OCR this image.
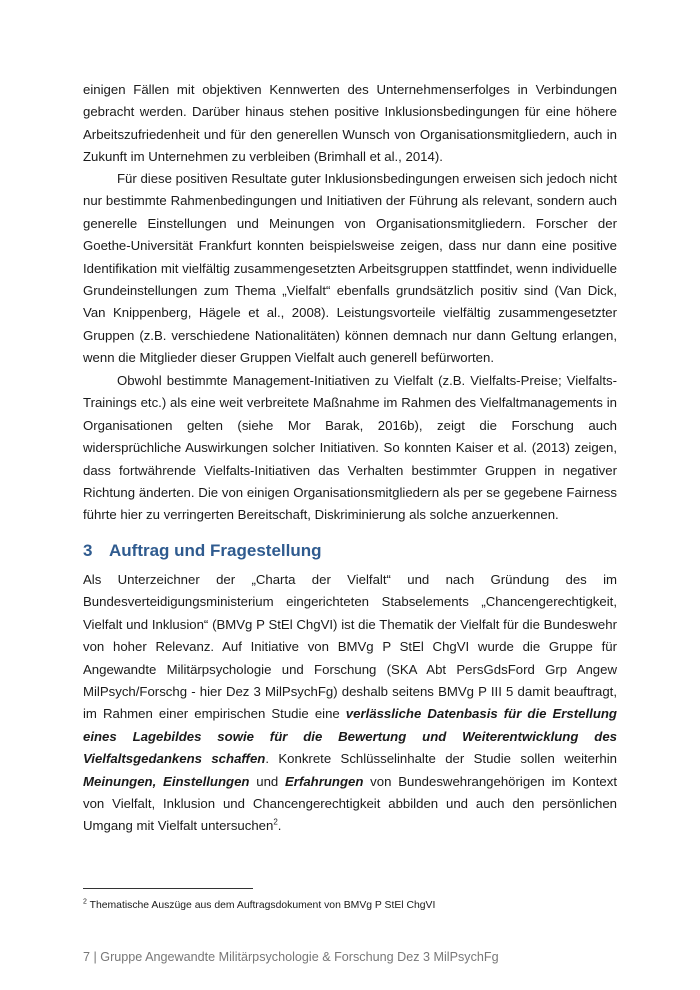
einigen Fällen mit objektiven Kennwerten des Unternehmenserfolges in Verbindungen gebracht werden. Darüber hinaus stehen positive Inklusionsbedingungen für eine höhere Arbeitszufriedenheit und für den generellen Wunsch von Organisationsmitgliedern, auch in Zukunft im Unternehmen zu verbleiben (Brimhall et al., 2014).

Für diese positiven Resultate guter Inklusionsbedingungen erweisen sich jedoch nicht nur bestimmte Rahmenbedingungen und Initiativen der Führung als relevant, sondern auch generelle Einstellungen und Meinungen von Organisationsmitgliedern. Forscher der Goethe-Universität Frankfurt konnten beispielsweise zeigen, dass nur dann eine positive Identifikation mit vielfältig zusammengesetzten Arbeitsgruppen stattfindet, wenn individuelle Grundeinstellungen zum Thema „Vielfalt“ ebenfalls grundsätzlich positiv sind (Van Dick, Van Knippenberg, Hägele et al., 2008). Leistungsvorteile vielfältig zusammengesetzter Gruppen (z.B. verschiedene Nationalitäten) können demnach nur dann Geltung erlangen, wenn die Mitglieder dieser Gruppen Vielfalt auch generell befürworten.

Obwohl bestimmte Management-Initiativen zu Vielfalt (z.B. Vielfalts-Preise; Vielfalts-Trainings etc.) als eine weit verbreitete Maßnahme im Rahmen des Vielfaltmanagements in Organisationen gelten (siehe Mor Barak, 2016b), zeigt die Forschung auch widersprüchliche Auswirkungen solcher Initiativen. So konnten Kaiser et al. (2013) zeigen, dass fortwährende Vielfalts-Initiativen das Verhalten bestimmter Gruppen in negativer Richtung änderten. Die von einigen Organisationsmitgliedern als per se gegebene Fairness führte hier zu verringerten Bereitschaft, Diskriminierung als solche anzuerkennen.

3 Auftrag und Fragestellung

Als Unterzeichner der „Charta der Vielfalt“ und nach Gründung des im Bundesverteidigungsministerium eingerichteten Stabselements „Chancengerechtigkeit, Vielfalt und Inklusion“ (BMVg P StEl ChgVI) ist die Thematik der Vielfalt für die Bundeswehr von hoher Relevanz. Auf Initiative von BMVg P StEl ChgVI wurde die Gruppe für Angewandte Militärpsychologie und Forschung (SKA Abt PersGdsFord Grp Angew MilPsych/Forschg - hier Dez 3 MilPsychFg) deshalb seitens BMVg P III 5 damit beauftragt, im Rahmen einer empirischen Studie eine verlässliche Datenbasis für die Erstellung eines Lagebildes sowie für die Bewertung und Weiterentwicklung des Vielfaltsgedankens schaffen. Konkrete Schlüsselinhalte der Studie sollen weiterhin Meinungen, Einstellungen und Erfahrungen von Bundeswehrangehörigen im Kontext von Vielfalt, Inklusion und Chancengerechtigkeit abbilden und auch den persönlichen Umgang mit Vielfalt untersuchen$^2$.

$^2$ Thematische Auszüge aus dem Auftragsdokument von BMVg P StEl ChgVI
7 | Gruppe Angewandte Militärpsychologie & Forschung Dez 3 MilPsychFg
